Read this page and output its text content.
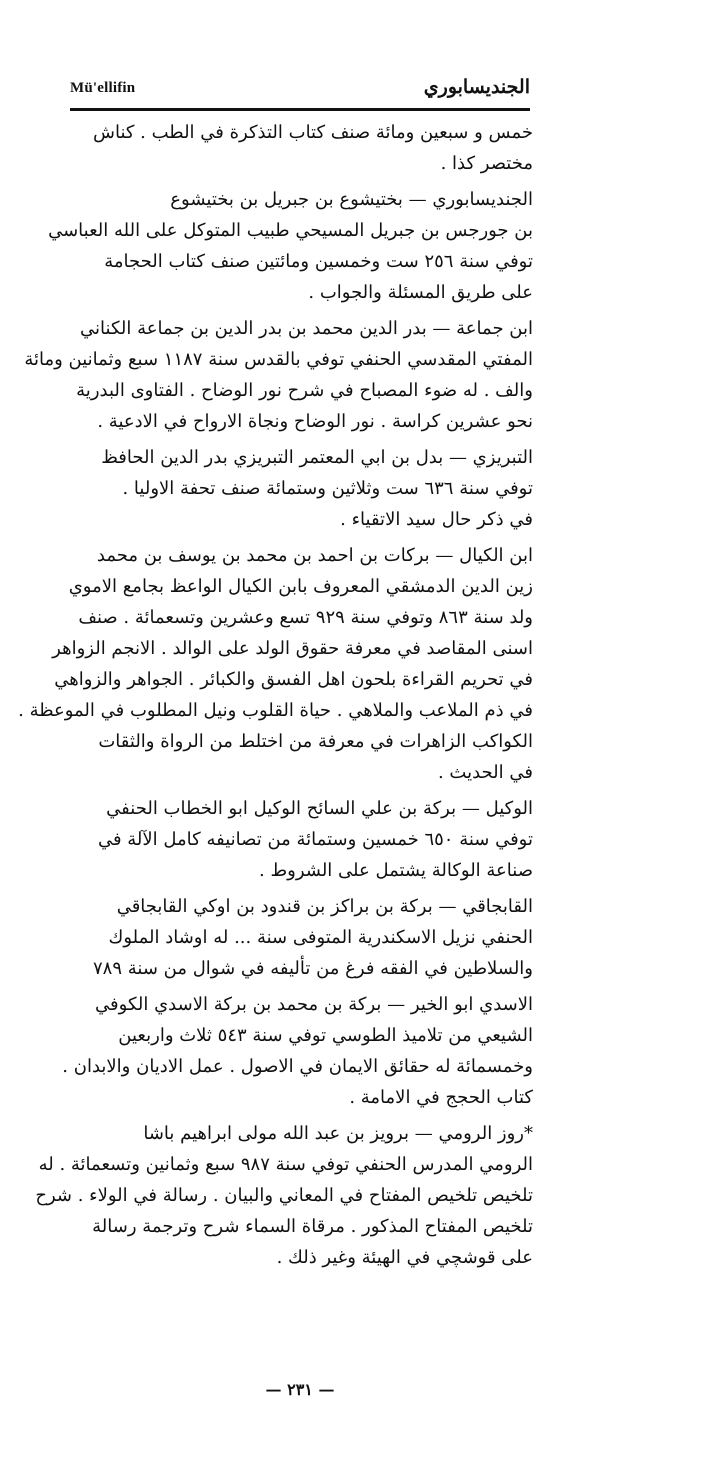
Mü'ellifin	الجنديسابوري
خمس و سبعين ومائة صنف كتاب التذكرة في الطب . كناش
مختصر كذا .
الجنديسابوري — بختيشوع بن جبريل بن بختيشوع
بن جورجس بن جبريل المسيحي طبيب المتوكل على الله العباسي
توفي سنة ٢٥٦ ست وخمسين ومائتين صنف كتاب الحجامة
على طريق المسئلة والجواب .
ابن جماعة — بدر الدين محمد بن بدر الدين بن جماعة الكناني
المفتي المقدسي الحنفي توفي بالقدس سنة ١١٨٧ سبع وثمانين ومائة
والف . له ضوء المصباح في شرح نور الوضاح . الفتاوى البدرية
نحو عشرين كراسة . نور الوضاح ونجاة الارواح في الادعية .
التبريزي — بدل بن ابي المعتمر التبريزي بدر الدين الحافظ
توفي سنة ٦٣٦ ست وثلاثين وستمائة صنف تحفة الاوليا .
في ذكر حال سيد الاتقياء .
ابن الكيال — بركات بن احمد بن محمد بن يوسف بن محمد
زين الدين الدمشقي المعروف بابن الكيال الواعظ بجامع الاموي
ولد سنة ٨٦٣ وتوفي سنة ٩٢٩ تسع وعشرين وتسعمائة . صنف
اسنى المقاصد في معرفة حقوق الولد على الوالد . الانجم الزواهر
في تحريم القراءة بلحون اهل الفسق والكبائر . الجواهر والزواهي
في ذم الملاعب والملاهي . حياة القلوب ونيل المطلوب في الموعظة .
الكواكب الزاهرات في معرفة من اختلط من الرواة والثقات
في الحديث .
الوكيل — بركة بن علي السائح الوكيل ابو الخطاب الحنفي
توفي سنة ٦٥٠ خمسين وستمائة من تصانيفه كامل الآلة في
صناعة الوكالة يشتمل على الشروط .
القابجاقي — بركة بن براكز بن قندود بن اوكي القابجاقي
الحنفي نزيل الاسكندرية المتوفى سنة ... له اوشاد الملوك
والسلاطين في الفقه فرغ من تأليفه في شوال من سنة ٧٨٩
الاسدي ابو الخير — بركة بن محمد بن بركة الاسدي الكوفي
الشيعي من تلاميذ الطوسي توفي سنة ٥٤٣ ثلاث واربعين
وخمسمائة له حقائق الايمان في الاصول . عمل الاديان والابدان .
كتاب الحجج في الامامة .
*روز الرومي — برويز بن عبد الله مولى ابراهيم باشا
الرومي المدرس الحنفي توفي سنة ٩٨٧ سبع وثمانين وتسعمائة . له
تلخيص تلخيص المفتاح في المعاني والبيان . رسالة في الولاء . شرح
تلخيص المفتاح المذكور . مرقاة السماء شرح وترجمة رسالة
على قوشچي في الهيئة وغير ذلك .
— ٢٣١ —
